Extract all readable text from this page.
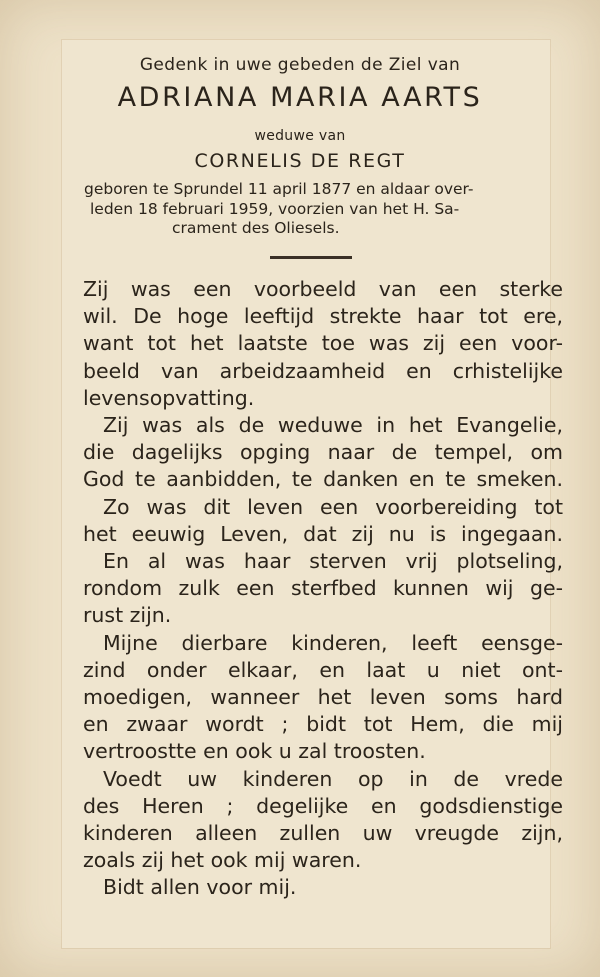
Gedenk in uwe gebeden de Ziel van
ADRIANA MARIA AARTS
weduwe van
CORNELIS DE REGT
geboren te Sprundel 11 april 1877 en aldaar over-
leden 18 februari 1959, voorzien van het H. Sa-
crament des Oliesels.
Zij was een voorbeeld van een sterke
wil. De hoge leeftijd strekte haar tot ere,
want tot het laatste toe was zij een voor-
beeld van arbeidzaamheid en crhistelijke
levensopvatting.
Zij was als de weduwe in het Evangelie,
die dagelijks opging naar de tempel, om
God te aanbidden, te danken en te smeken.
Zo was dit leven een voorbereiding tot
het eeuwig Leven, dat zij nu is ingegaan.
En al was haar sterven vrij plotseling,
rondom zulk een sterfbed kunnen wij ge-
rust zijn.
Mijne dierbare kinderen, leeft eensge-
zind onder elkaar, en laat u niet ont-
moedigen, wanneer het leven soms hard
en zwaar wordt ; bidt tot Hem, die mij
vertroostte en ook u zal troosten.
Voedt uw kinderen op in de vrede
des Heren ; degelijke en godsdienstige
kinderen alleen zullen uw vreugde zijn,
zoals zij het ook mij waren.
Bidt allen voor mij.
